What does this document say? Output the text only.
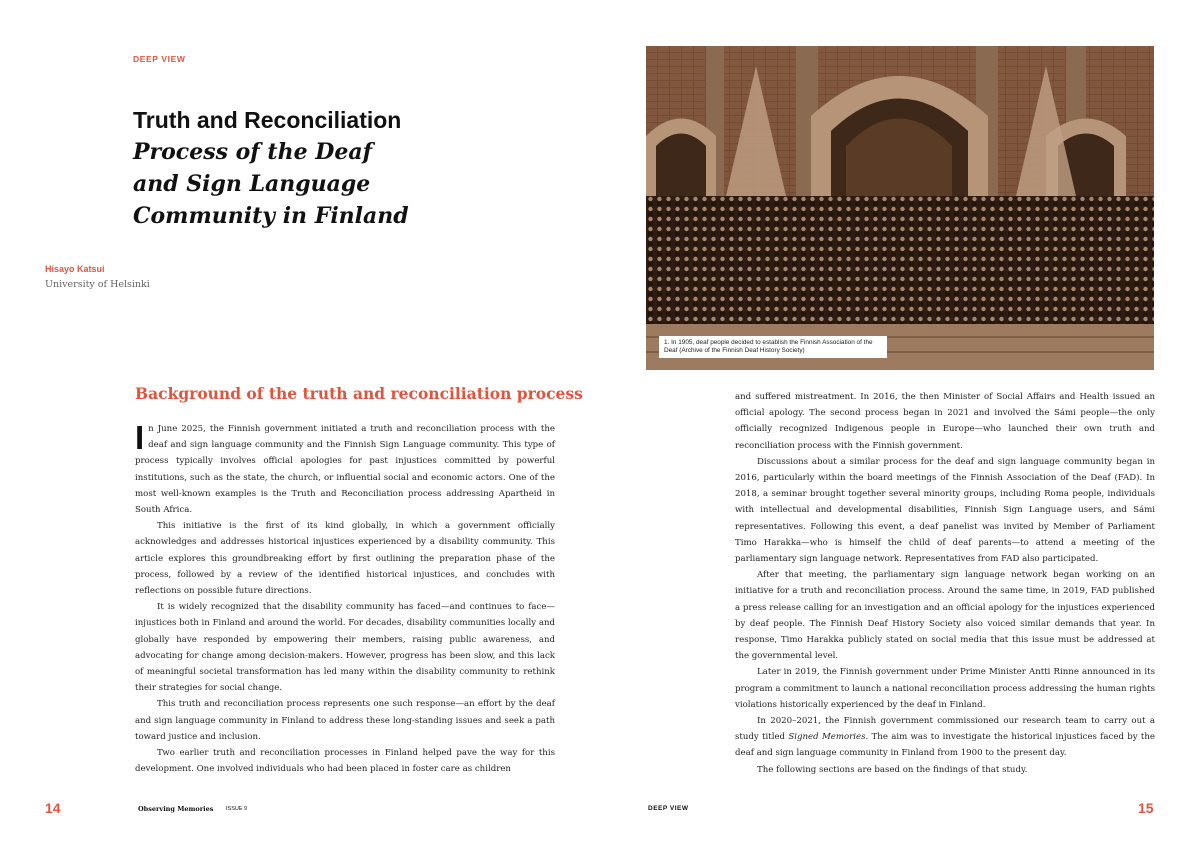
DEEP VIEW
Truth and Reconciliation
Process of the Deaf
and Sign Language
Community in Finland
Hisayo Katsui
University of Helsinki
Background of the truth and reconciliation process

In June 2025, the Finnish government initiated a truth and reconciliation process with the deaf and sign language community and the Finnish Sign Language community. This type of process typically involves official apologies for past injustices committed by powerful institutions, such as the state, the church, or influential social and economic actors. One of the most well-known examples is the Truth and Reconciliation process addressing Apartheid in South Africa.

This initiative is the first of its kind globally, in which a government officially acknowledges and addresses historical injustices experienced by a disability community. This article explores this groundbreaking effort by first outlining the preparation phase of the process, followed by a review of the identified historical injustices, and concludes with reflections on possible future directions.

It is widely recognized that the disability community has faced—and continues to face—injustices both in Finland and around the world. For decades, disability communities locally and globally have responded by empowering their members, raising public awareness, and advocating for change among decision-makers. However, progress has been slow, and this lack of meaningful societal transformation has led many within the disability community to rethink their strategies for social change.

This truth and reconciliation process represents one such response—an effort by the deaf and sign language community in Finland to address these long-standing issues and seek a path toward justice and inclusion.

Two earlier truth and reconciliation processes in Finland helped pave the way for this development. One involved individuals who had been placed in foster care as children

14	Observing Memories ISSUE 9
1. In 1905, deaf people decided to establish the Finnish Association of the Deaf (Archive of the Finnish Deaf History Society)

and suffered mistreatment. In 2016, the then Minister of Social Affairs and Health issued an official apology. The second process began in 2021 and involved the Sámi people—the only officially recognized Indigenous people in Europe—who launched their own truth and reconciliation process with the Finnish government.

Discussions about a similar process for the deaf and sign language community began in 2016, particularly within the board meetings of the Finnish Association of the Deaf (FAD). In 2018, a seminar brought together several minority groups, including Roma people, individuals with intellectual and developmental disabilities, Finnish Sign Language users, and Sámi representatives. Following this event, a deaf panelist was invited by Member of Parliament Timo Harakka—who is himself the child of deaf parents—to attend a meeting of the parliamentary sign language network. Representatives from FAD also participated.

After that meeting, the parliamentary sign language network began working on an initiative for a truth and reconciliation process. Around the same time, in 2019, FAD published a press release calling for an investigation and an official apology for the injustices experienced by deaf people. The Finnish Deaf History Society also voiced similar demands that year. In response, Timo Harakka publicly stated on social media that this issue must be addressed at the governmental level.

Later in 2019, the Finnish government under Prime Minister Antti Rinne announced in its program a commitment to launch a national reconciliation process addressing the human rights violations historically experienced by the deaf in Finland.

In 2020–2021, the Finnish government commissioned our research team to carry out a study titled Signed Memories. The aim was to investigate the historical injustices faced by the deaf and sign language community in Finland from 1900 to the present day.

The following sections are based on the findings of that study.

DEEP VIEW	15
